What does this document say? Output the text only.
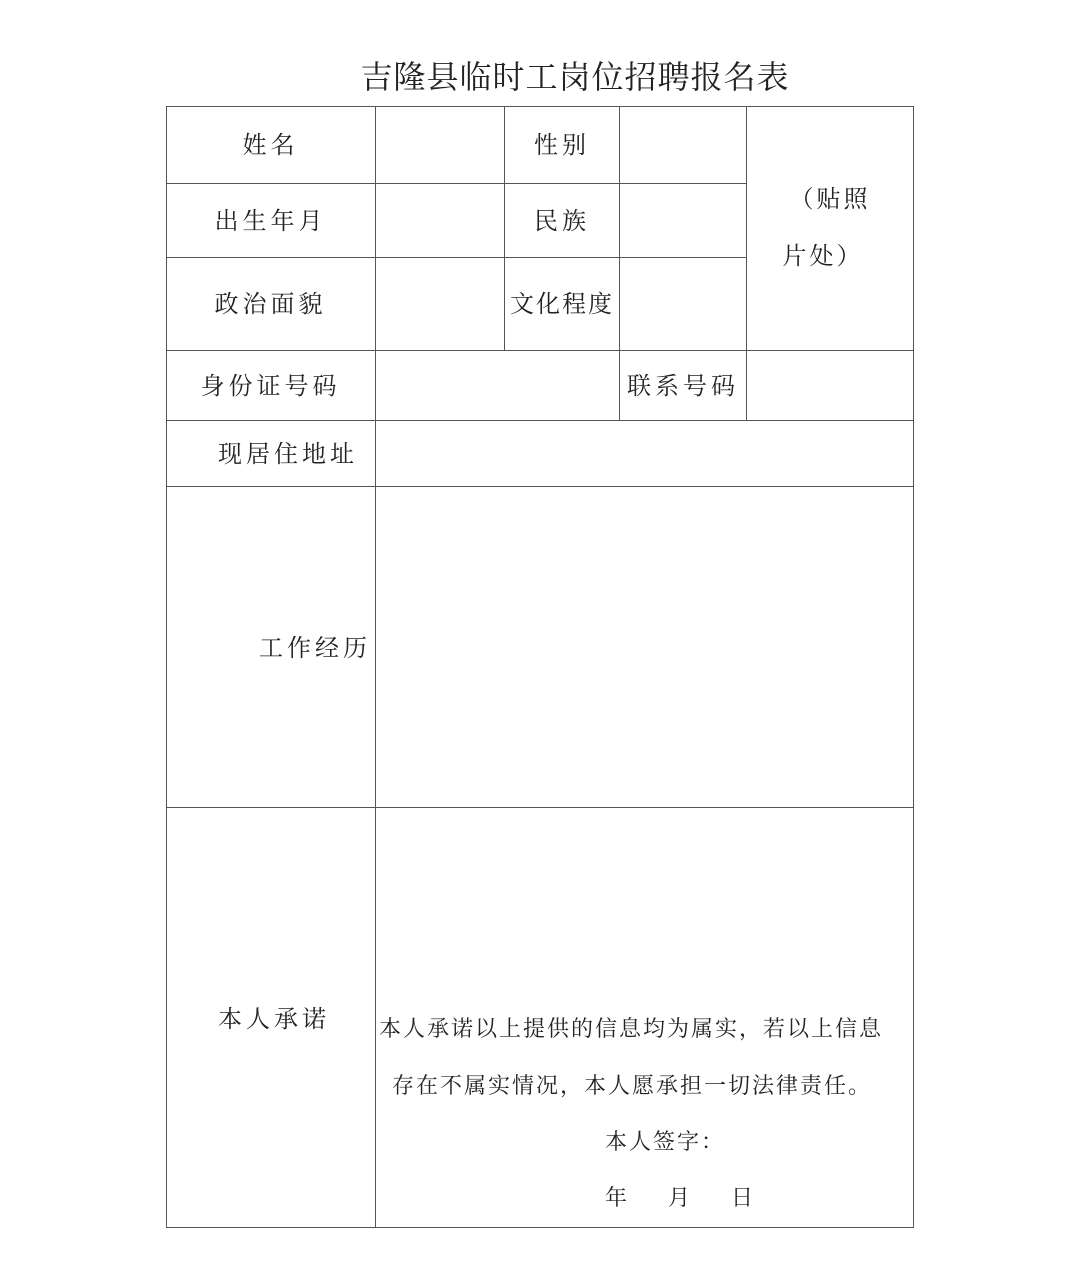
吉隆县临时工岗位招聘报名表
姓名	性别
出生年月	民族
政治面貌	文化程度
（贴照
片处）
身份证号码	联系号码
现居住地址
工作经历
本人承诺 本人承诺以上提供的信息均为属实，若以上信息
存在不属实情况，本人愿承担一切法律责任。
本人签字：
年　 月　 日
